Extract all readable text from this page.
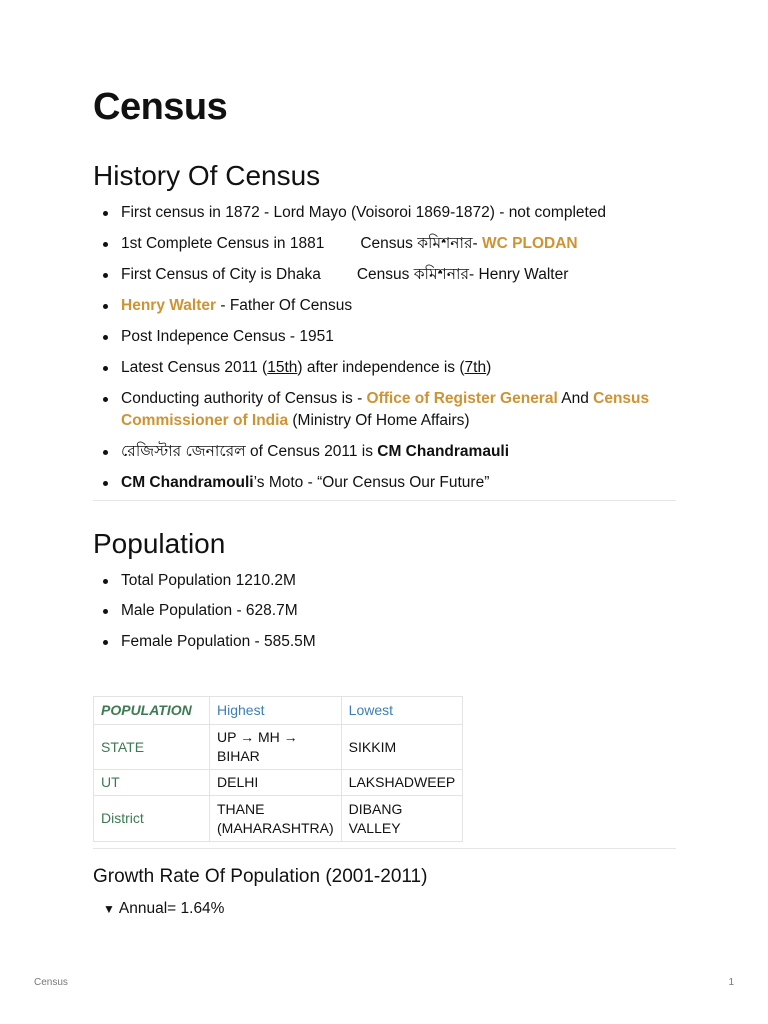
Census
History Of Census
First census in 1872 - Lord Mayo (Voisoroi 1869-1872) - not completed
1st Complete Census in 1881 Census কমিশনার- WC PLODAN
First Census of City is Dhaka Census কমিশনার- Henry Walter
Henry Walter - Father Of Census
Post Indepence Census - 1951
Latest Census 2011 (15th) after independence is (7th)
Conducting authority of Census is - Office of Register General And Census Commissioner of India (Ministry Of Home Affairs)
রেজিস্টার জেনারেল of Census 2011 is CM Chandramauli
CM Chandramouli’s Moto - “Our Census Our Future”
Population
Total Population 1210.2M
Male Population - 628.7M
Female Population - 585.5M
POPULATION	Highest	Lowest
STATE	UP → MH → BIHAR	SIKKIM
UT	DELHI	LAKSHADWEEP
District	THANE (MAHARASHTRA)	DIBANG VALLEY
Growth Rate Of Population (2001-2011)
▼ Annual= 1.64%
Census	1
